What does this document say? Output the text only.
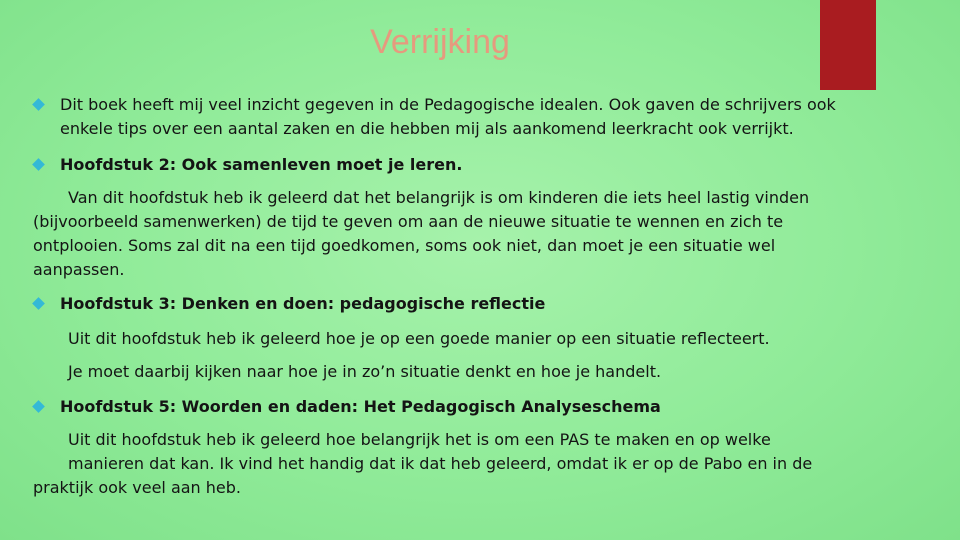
Verrijking
Dit boek heeft mij veel inzicht gegeven in de Pedagogische idealen. Ook gaven de schrijvers ook
enkele tips over een aantal zaken en die hebben mij als aankomend leerkracht ook verrijkt.
Hoofdstuk 2: Ook samenleven moet je leren.
Van dit hoofdstuk heb ik geleerd dat het belangrijk is om kinderen die iets heel lastig vinden
(bijvoorbeeld samenwerken) de tijd te geven om aan de nieuwe situatie te wennen en zich te
ontplooien. Soms zal dit na een tijd goedkomen, soms ook niet, dan moet je een situatie wel
aanpassen.
Hoofdstuk 3: Denken en doen: pedagogische reflectie
Uit dit hoofdstuk heb ik geleerd hoe je op een goede manier op een situatie reflecteert.
Je moet daarbij kijken naar hoe je in zo’n situatie denkt en hoe je handelt.
Hoofdstuk 5: Woorden en daden: Het Pedagogisch Analyseschema
Uit dit hoofdstuk heb ik geleerd hoe belangrijk het is om een PAS te maken en op welke
manieren dat kan. Ik vind het handig dat ik dat heb geleerd, omdat ik er op de Pabo en in de
praktijk ook veel aan heb.
